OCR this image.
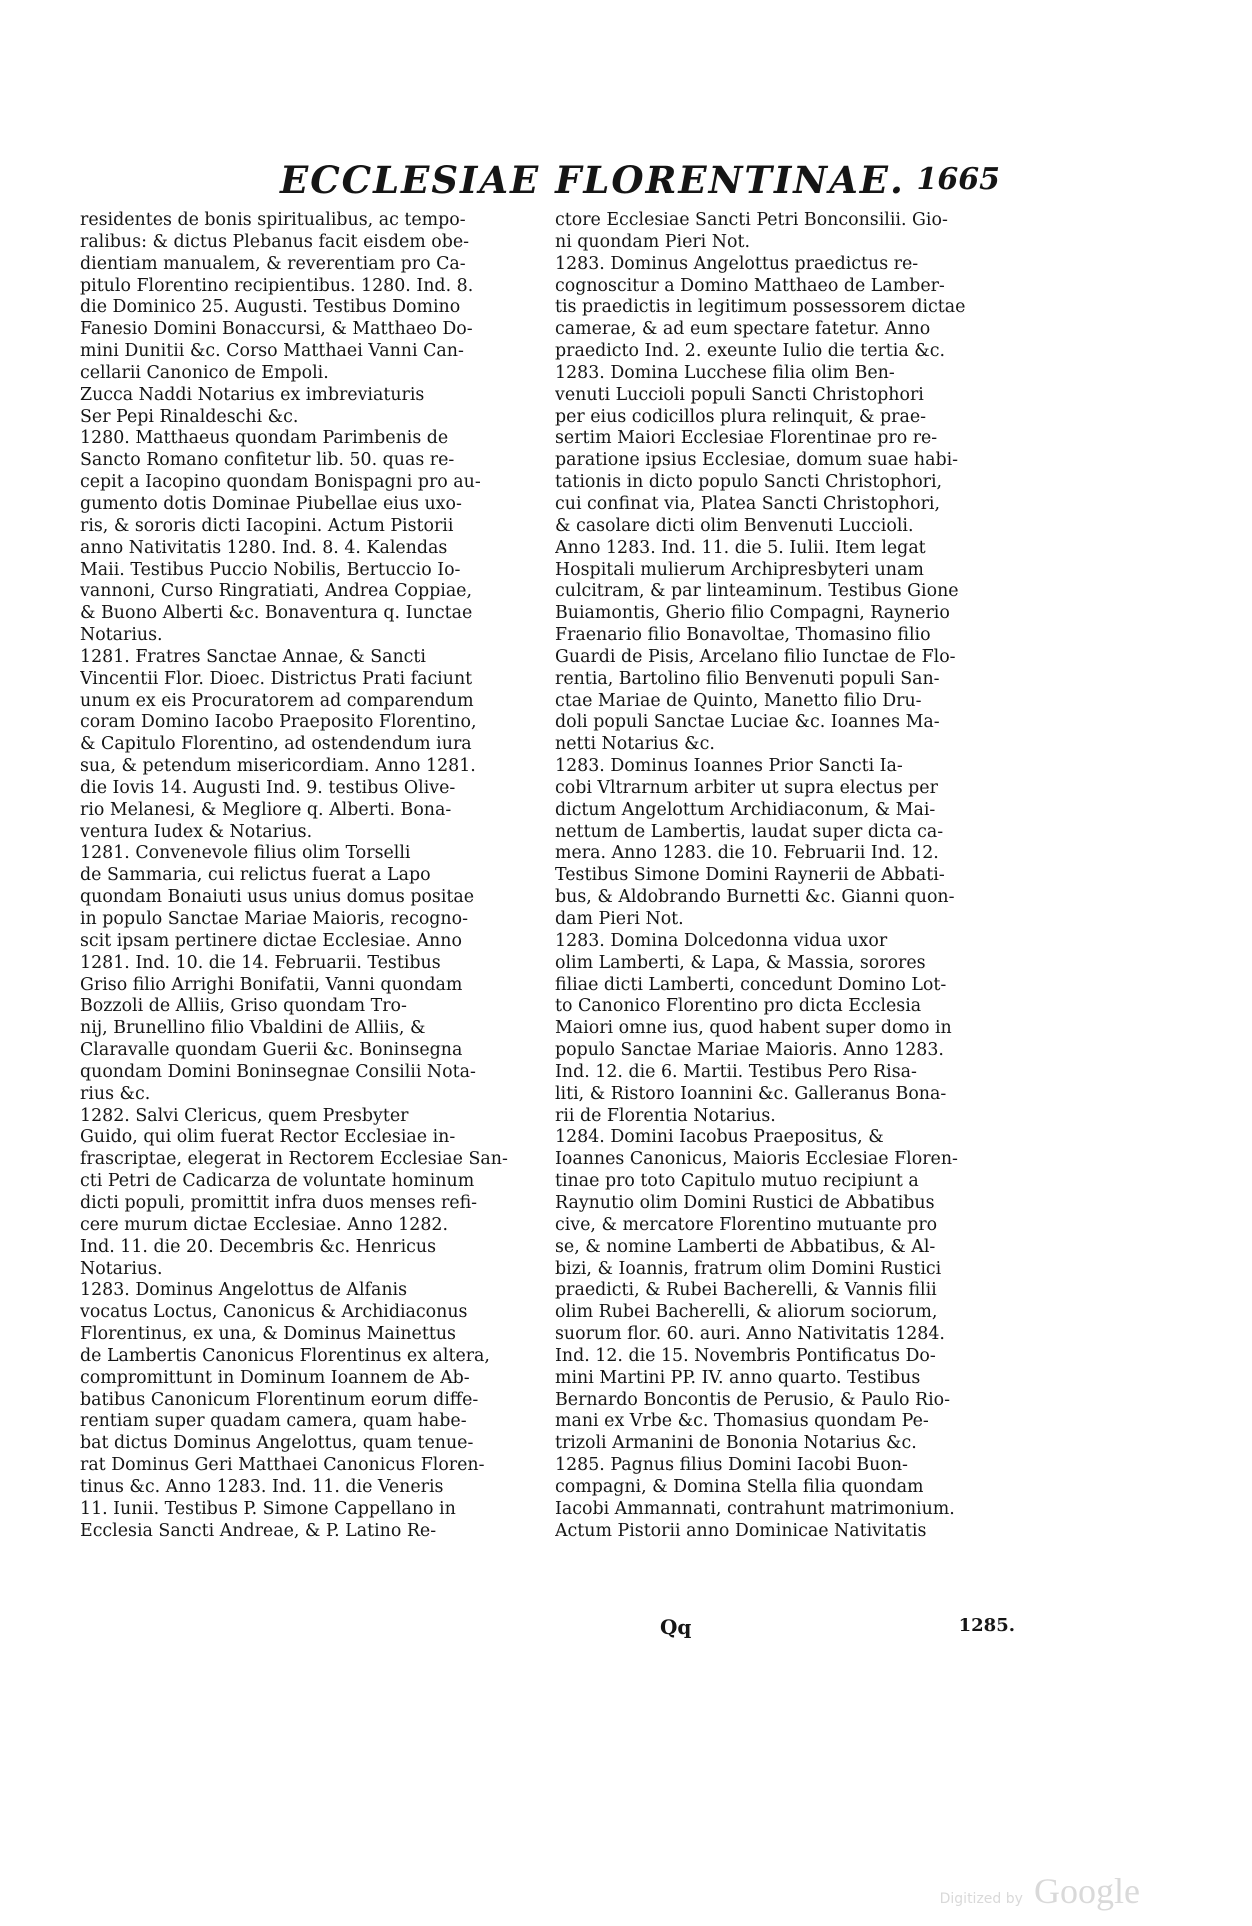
ECCLESIAE FLORENTINAE. 1665
residentes de bonis spiritualibus, ac tempo-
ralibus: & dictus Plebanus facit eisdem obe-
dientiam manualem, & reverentiam pro Ca-
pitulo Florentino recipientibus. 1280. Ind. 8.
die Dominico 25. Augusti. Testibus Domino
Fanesio Domini Bonaccursi, & Matthaeo Do-
mini Dunitii &c. Corso Matthaei Vanni Can-
cellarii Canonico de Empoli.
Zucca Naddi Notarius ex imbreviaturis
Ser Pepi Rinaldeschi &c.
1280. Matthaeus quondam Parimbenis de
Sancto Romano confitetur lib. 50. quas re-
cepit a Iacopino quondam Bonispagni pro au-
gumento dotis Dominae Piubellae eius uxo-
ris, & sororis dicti Iacopini. Actum Pistorii
anno Nativitatis 1280. Ind. 8. 4. Kalendas
Maii. Testibus Puccio Nobilis, Bertuccio Io-
vannoni, Curso Ringratiati, Andrea Coppiae,
& Buono Alberti &c. Bonaventura q. Iunctae
Notarius.
1281. Fratres Sanctae Annae, & Sancti
Vincentii Flor. Dioec. Districtus Prati faciunt
unum ex eis Procuratorem ad comparendum
coram Domino Iacobo Praeposito Florentino,
& Capitulo Florentino, ad ostendendum iura
sua, & petendum misericordiam. Anno 1281.
die Iovis 14. Augusti Ind. 9. testibus Olive-
rio Melanesi, & Megliore q. Alberti. Bona-
ventura Iudex & Notarius.
1281. Convenevole filius olim Torselli
de Sammaria, cui relictus fuerat a Lapo
quondam Bonaiuti usus unius domus positae
in populo Sanctae Mariae Maioris, recogno-
scit ipsam pertinere dictae Ecclesiae. Anno
1281. Ind. 10. die 14. Februarii. Testibus
Griso filio Arrighi Bonifatii, Vanni quondam
Bozzoli de Alliis, Griso quondam Tro-
nij, Brunellino filio Vbaldini de Alliis, &
Claravalle quondam Guerii &c. Boninsegna
quondam Domini Boninsegnae Consilii Nota-
rius &c.
1282. Salvi Clericus, quem Presbyter
Guido, qui olim fuerat Rector Ecclesiae in-
frascriptae, elegerat in Rectorem Ecclesiae San-
cti Petri de Cadicarza de voluntate hominum
dicti populi, promittit infra duos menses refi-
cere murum dictae Ecclesiae. Anno 1282.
Ind. 11. die 20. Decembris &c. Henricus
Notarius.
1283. Dominus Angelottus de Alfanis
vocatus Loctus, Canonicus & Archidiaconus
Florentinus, ex una, & Dominus Mainettus
de Lambertis Canonicus Florentinus ex altera,
compromittunt in Dominum Ioannem de Ab-
batibus Canonicum Florentinum eorum diffe-
rentiam super quadam camera, quam habe-
bat dictus Dominus Angelottus, quam tenue-
rat Dominus Geri Matthaei Canonicus Floren-
tinus &c. Anno 1283. Ind. 11. die Veneris
11. Iunii. Testibus P. Simone Cappellano in
Ecclesia Sancti Andreae, & P. Latino Re-
ctore Ecclesiae Sancti Petri Bonconsilii. Gio-
ni quondam Pieri Not.
1283. Dominus Angelottus praedictus re-
cognoscitur a Domino Matthaeo de Lamber-
tis praedictis in legitimum possessorem dictae
camerae, & ad eum spectare fatetur. Anno
praedicto Ind. 2. exeunte Iulio die tertia &c.
1283. Domina Lucchese filia olim Ben-
venuti Luccioli populi Sancti Christophori
per eius codicillos plura relinquit, & prae-
sertim Maiori Ecclesiae Florentinae pro re-
paratione ipsius Ecclesiae, domum suae habi-
tationis in dicto populo Sancti Christophori,
cui confinat via, Platea Sancti Christophori,
& casolare dicti olim Benvenuti Luccioli.
Anno 1283. Ind. 11. die 5. Iulii. Item legat
Hospitali mulierum Archipresbyteri unam
culcitram, & par linteaminum. Testibus Gione
Buiamontis, Gherio filio Compagni, Raynerio
Fraenario filio Bonavoltae, Thomasino filio
Guardi de Pisis, Arcelano filio Iunctae de Flo-
rentia, Bartolino filio Benvenuti populi San-
ctae Mariae de Quinto, Manetto filio Dru-
doli populi Sanctae Luciae &c. Ioannes Ma-
netti Notarius &c.
1283. Dominus Ioannes Prior Sancti Ia-
cobi Vltrarnum arbiter ut supra electus per
dictum Angelottum Archidiaconum, & Mai-
nettum de Lambertis, laudat super dicta ca-
mera. Anno 1283. die 10. Februarii Ind. 12.
Testibus Simone Domini Raynerii de Abbati-
bus, & Aldobrando Burnetti &c. Gianni quon-
dam Pieri Not.
1283. Domina Dolcedonna vidua uxor
olim Lamberti, & Lapa, & Massia, sorores
filiae dicti Lamberti, concedunt Domino Lot-
to Canonico Florentino pro dicta Ecclesia
Maiori omne ius, quod habent super domo in
populo Sanctae Mariae Maioris. Anno 1283.
Ind. 12. die 6. Martii. Testibus Pero Risa-
liti, & Ristoro Ioannini &c. Galleranus Bona-
rii de Florentia Notarius.
1284. Domini Iacobus Praepositus, &
Ioannes Canonicus, Maioris Ecclesiae Floren-
tinae pro toto Capitulo mutuo recipiunt a
Raynutio olim Domini Rustici de Abbatibus
cive, & mercatore Florentino mutuante pro
se, & nomine Lamberti de Abbatibus, & Al-
bizi, & Ioannis, fratrum olim Domini Rustici
praedicti, & Rubei Bacherelli, & Vannis filii
olim Rubei Bacherelli, & aliorum sociorum,
suorum flor. 60. auri. Anno Nativitatis 1284.
Ind. 12. die 15. Novembris Pontificatus Do-
mini Martini PP. IV. anno quarto. Testibus
Bernardo Boncontis de Perusio, & Paulo Rio-
mani ex Vrbe &c. Thomasius quondam Pe-
trizoli Armanini de Bononia Notarius &c.
1285. Pagnus filius Domini Iacobi Buon-
compagni, & Domina Stella filia quondam
Iacobi Ammannati, contrahunt matrimonium.
Actum Pistorii anno Dominicae Nativitatis
Qq	1285.
Digitized by Google
